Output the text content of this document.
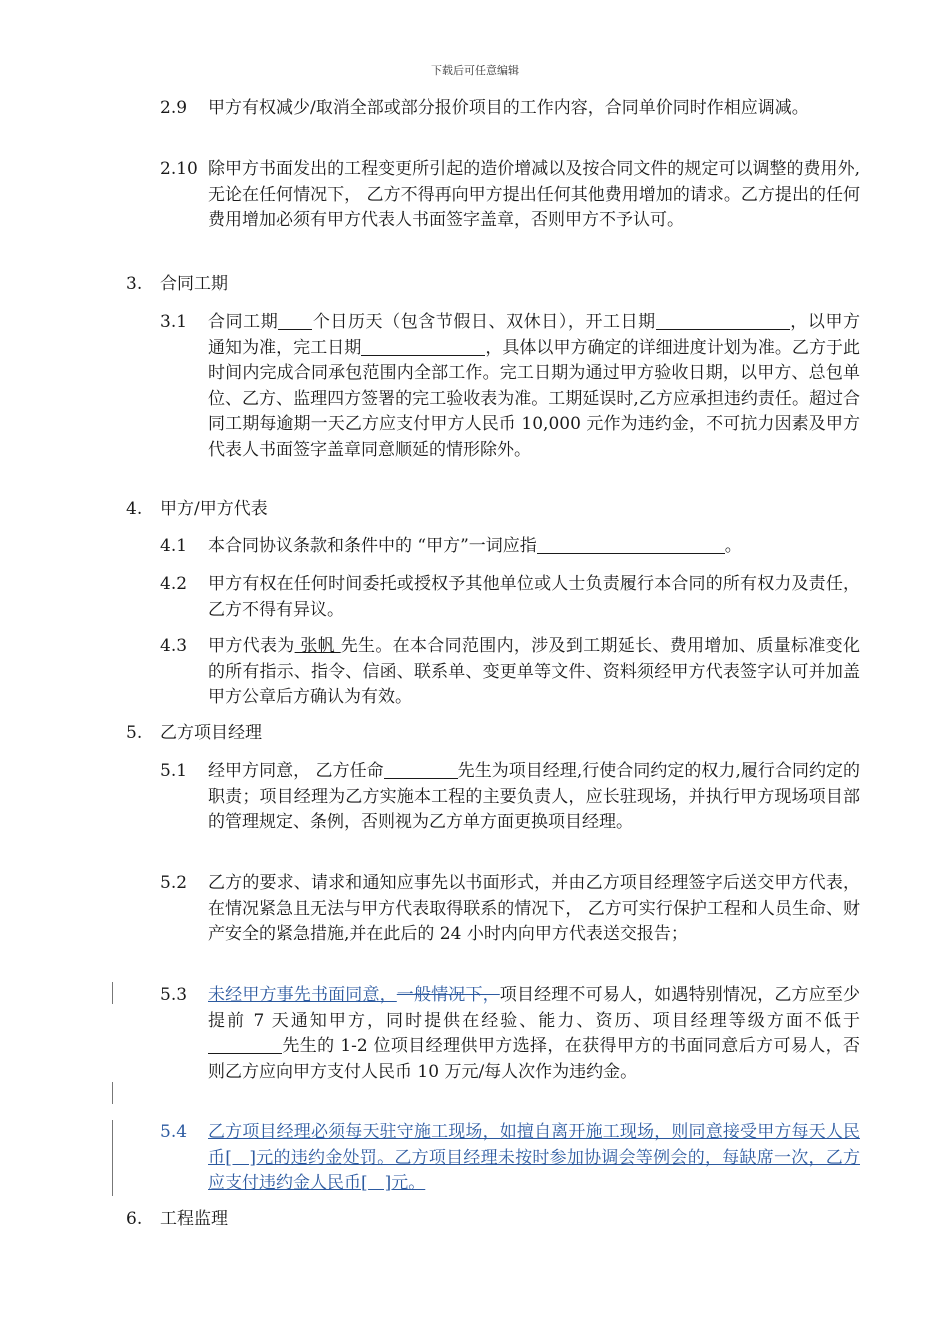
下载后可任意编辑
2.9 甲方有权减少/取消全部或部分报价项目的工作内容，合同单价同时作相应调减。
2.10 除甲方书面发出的工程变更所引起的造价增减以及按合同文件的规定可以调整的费用外,无论在任何情况下， 乙方不得再向甲方提出任何其他费用增加的请求。乙方提出的任何费用增加必须有甲方代表人书面签字盖章，否则甲方不予认可。
3. 合同工期
3.1 合同工期 个日历天（包含节假日、双休日），开工日期	，以甲方通知为准，完工日期	，具体以甲方确定的详细进度计划为准。乙方于此时间内完成合同承包范围内全部工作。完工日期为通过甲方验收日期，以甲方、总包单位、乙方、监理四方签署的完工验收表为准。工期延误时,乙方应承担违约责任。超过合同工期每逾期一天乙方应支付甲方人民币 10,000 元作为违约金，不可抗力因素及甲方代表人书面签字盖章同意顺延的情形除外。
4. 甲方/甲方代表
4.1 本合同协议条款和条件中的 “甲方”一词应指	。
4.2 甲方有权在任何时间委托或授权予其他单位或人士负责履行本合同的所有权力及责任，乙方不得有异议。
4.3 甲方代表为 张帆 先生。在本合同范围内，涉及到工期延长、费用增加、质量标准变化的所有指示、指令、信函、联系单、变更单等文件、资料须经甲方代表签字认可并加盖甲方公章后方确认为有效。
5. 乙方项目经理
5.1 经甲方同意， 乙方任命	先生为项目经理,行使合同约定的权力,履行合同约定的职责；项目经理为乙方实施本工程的主要负责人，应长驻现场，并执行甲方现场项目部的管理规定、条例，否则视为乙方单方面更换项目经理。
5.2 乙方的要求、请求和通知应事先以书面形式，并由乙方项目经理签字后送交甲方代表，在情况紧急且无法与甲方代表取得联系的情况下， 乙方可实行保护工程和人员生命、财产安全的紧急措施,并在此后的 24 小时内向甲方代表送交报告；
5.3 未经甲方事先书面同意，一般情况下，项目经理不可易人，如遇特别情况，乙方应至少提前 7 天通知甲方，同时提供在经验、能力、资历、项目经理等级方面不低于先生的 1-2 位项目经理供甲方选择，在获得甲方的书面同意后方可易人，否则乙方应向甲方支付人民币 10 万元/每人次作为违约金。
5.4 乙方项目经理必须每天驻守施工现场，如擅自离开施工现场，则同意接受甲方每天人民币[　]元的违约金处罚。乙方项目经理未按时参加协调会等例会的，每缺席一次，乙方应支付违约金人民币[　]元。
6. 工程监理
